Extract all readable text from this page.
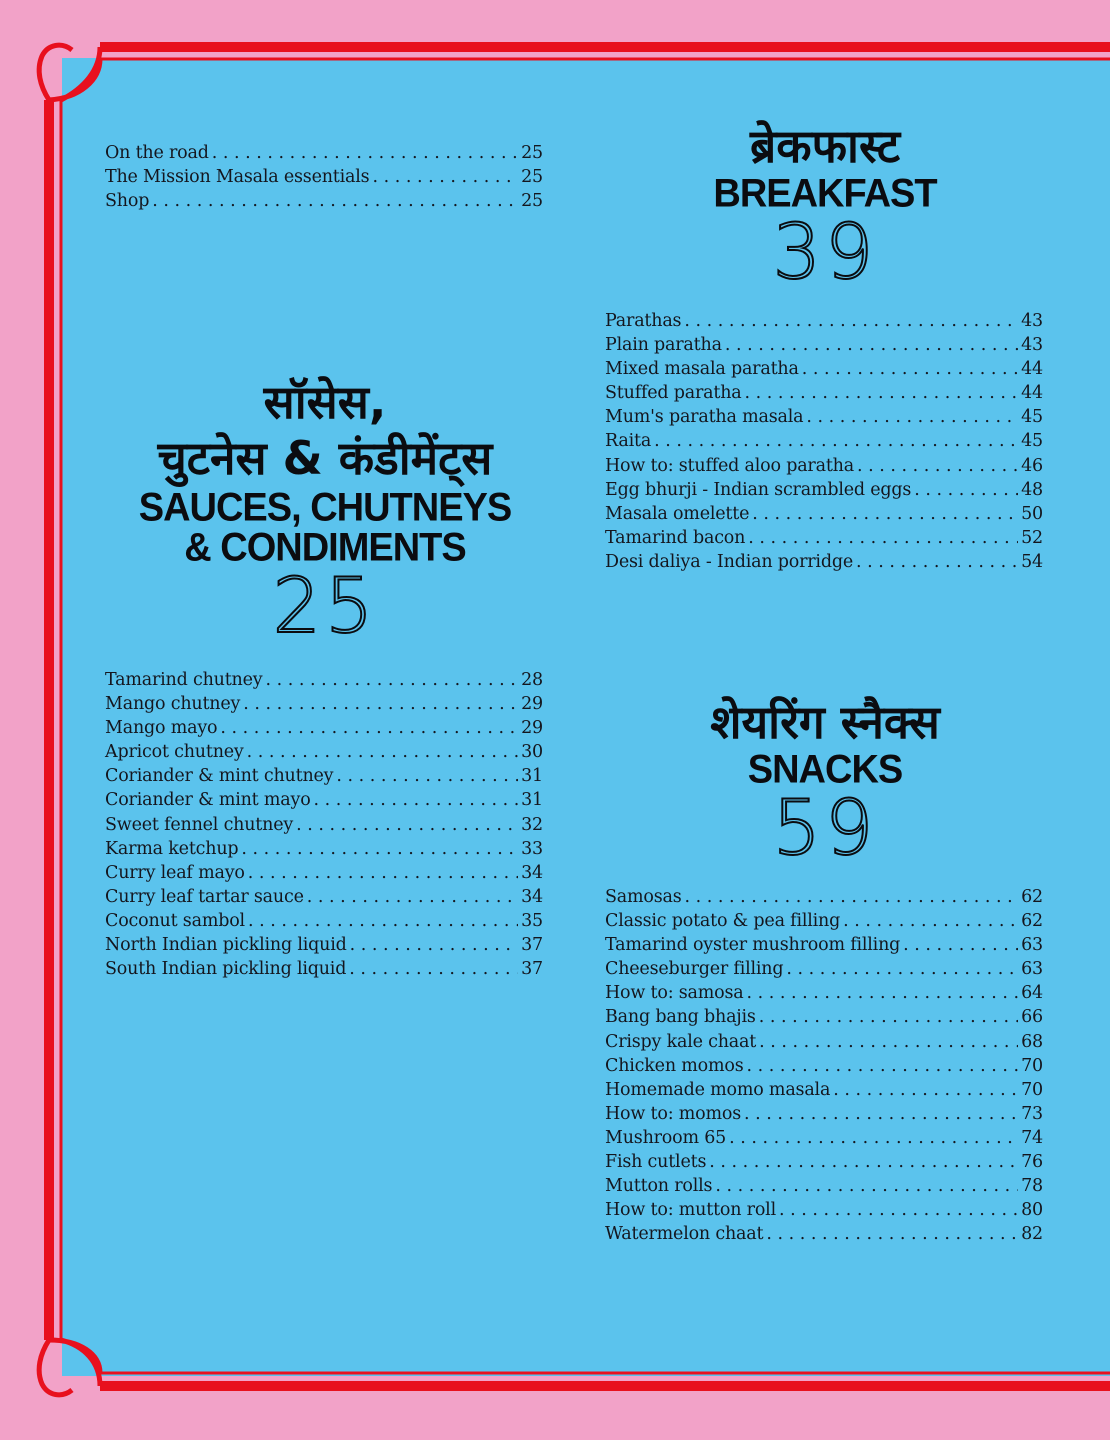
On the road . . .	25
The Mission Masala essentials . . .	25
Shop . . .	25
सॉसेस,
चुटनेस & कंडीमेंट्स
SAUCES, CHUTNEYS
& CONDIMENTS
25
Tamarind chutney . . .	28
Mango chutney . . .	29
Mango mayo . . .	29
Apricot chutney . . .	30
Coriander & mint chutney . . .	31
Coriander & mint mayo . . .	31
Sweet fennel chutney . . .	32
Karma ketchup . . .	33
Curry leaf mayo . . .	34
Curry leaf tartar sauce . . .	34
Coconut sambol . . .	35
North Indian pickling liquid . . .	37
South Indian pickling liquid . . .	37
ब्रेकफास्ट
BREAKFAST
39
Parathas . . .	43
Plain paratha . . .	43
Mixed masala paratha . . .	44
Stuffed paratha . . .	44
Mum's paratha masala . . .	45
Raita . . .	45
How to: stuffed aloo paratha . . .	46
Egg bhurji - Indian scrambled eggs . . .	48
Masala omelette . . .	50
Tamarind bacon . . .	52
Desi daliya - Indian porridge . . .	54
शेयरिंग स्नैक्स
SNACKS
59
Samosas . . .	62
Classic potato & pea filling . . .	62
Tamarind oyster mushroom filling . . .	63
Cheeseburger filling . . .	63
How to: samosa . . .	64
Bang bang bhajis . . .	66
Crispy kale chaat . . .	68
Chicken momos . . .	70
Homemade momo masala . . .	70
How to: momos . . .	73
Mushroom 65 . . .	74
Fish cutlets . . .	76
Mutton rolls . . .	78
How to: mutton roll . . .	80
Watermelon chaat . . .	82
